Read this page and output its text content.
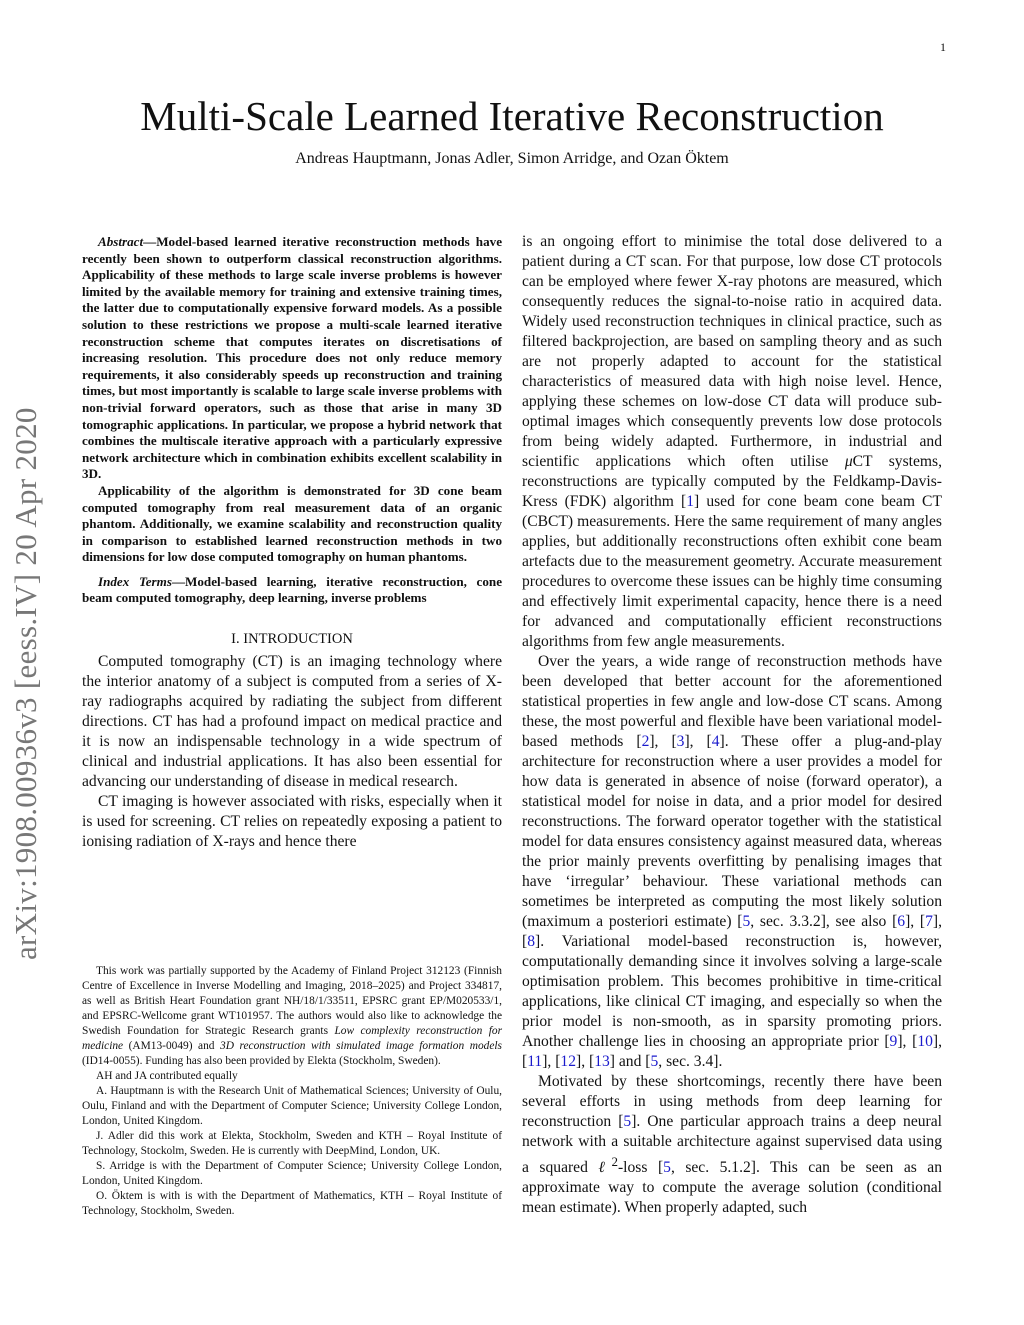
1
arXiv:1908.00936v3 [eess.IV] 20 Apr 2020
Multi-Scale Learned Iterative Reconstruction
Andreas Hauptmann, Jonas Adler, Simon Arridge, and Ozan Öktem

Abstract—Model-based learned iterative reconstruction methods have recently been shown to outperform classical reconstruction algorithms. Applicability of these methods to large scale inverse problems is however limited by the available memory for training and extensive training times, the latter due to computationally expensive forward models. As a possible solution to these restrictions we propose a multi-scale learned iterative reconstruction scheme that computes iterates on discretisations of increasing resolution. This procedure does not only reduce memory requirements, it also considerably speeds up reconstruction and training times, but most importantly is scalable to large scale inverse problems with non-trivial forward operators, such as those that arise in many 3D tomographic applications. In particular, we propose a hybrid network that combines the multiscale iterative approach with a particularly expressive network architecture which in combination exhibits excellent scalability in 3D.

Applicability of the algorithm is demonstrated for 3D cone beam computed tomography from real measurement data of an organic phantom. Additionally, we examine scalability and reconstruction quality in comparison to established learned reconstruction methods in two dimensions for low dose computed tomography on human phantoms.

Index Terms—Model-based learning, iterative reconstruction, cone beam computed tomography, deep learning, inverse problems
I. INTRODUCTION

Computed tomography (CT) is an imaging technology where the interior anatomy of a subject is computed from a series of X-ray radiographs acquired by radiating the subject from different directions. CT has had a profound impact on medical practice and it is now an indispensable technology in a wide spectrum of clinical and industrial applications. It has also been essential for advancing our understanding of disease in medical research.

CT imaging is however associated with risks, especially when it is used for screening. CT relies on repeatedly exposing a patient to ionising radiation of X-rays and hence there

This work was partially supported by the Academy of Finland Project 312123 (Finnish Centre of Excellence in Inverse Modelling and Imaging, 2018–2025) and Project 334817, as well as British Heart Foundation grant NH/18/1/33511, EPSRC grant EP/M020533/1, and EPSRC-Wellcome grant WT101957. The authors would also like to acknowledge the Swedish Foundation for Strategic Research grants Low complexity reconstruction for medicine (AM13-0049) and 3D reconstruction with simulated image formation models (ID14-0055). Funding has also been provided by Elekta (Stockholm, Sweden).

AH and JA contributed equally

A. Hauptmann is with the Research Unit of Mathematical Sciences; University of Oulu, Oulu, Finland and with the Department of Computer Science; University College London, London, United Kingdom.

J. Adler did this work at Elekta, Stockholm, Sweden and KTH – Royal Institute of Technology, Stockolm, Sweden. He is currently with DeepMind, London, UK.

S. Arridge is with the Department of Computer Science; University College London, London, United Kingdom.

O. Öktem is with is with the Department of Mathematics, KTH – Royal Institute of Technology, Stockholm, Sweden.

is an ongoing effort to minimise the total dose delivered to a patient during a CT scan. For that purpose, low dose CT protocols can be employed where fewer X-ray photons are measured, which consequently reduces the signal-to-noise ratio in acquired data. Widely used reconstruction techniques in clinical practice, such as filtered backprojection, are based on sampling theory and as such are not properly adapted to account for the statistical characteristics of measured data with high noise level. Hence, applying these schemes on low-dose CT data will produce sub-optimal images which consequently prevents low dose protocols from being widely adapted. Furthermore, in industrial and scientific applications which often utilise μCT systems, reconstructions are typically computed by the Feldkamp-Davis-Kress (FDK) algorithm [1] used for cone beam cone beam CT (CBCT) measurements. Here the same requirement of many angles applies, but additionally reconstructions often exhibit cone beam artefacts due to the measurement geometry. Accurate measurement procedures to overcome these issues can be highly time consuming and effectively limit experimental capacity, hence there is a need for advanced and computationally efficient reconstructions algorithms from few angle measurements.

Over the years, a wide range of reconstruction methods have been developed that better account for the aforementioned statistical properties in few angle and low-dose CT scans. Among these, the most powerful and flexible have been variational model-based methods [2], [3], [4]. These offer a plug-and-play architecture for reconstruction where a user provides a model for how data is generated in absence of noise (forward operator), a statistical model for noise in data, and a prior model for desired reconstructions. The forward operator together with the statistical model for data ensures consistency against measured data, whereas the prior mainly prevents overfitting by penalising images that have ‘irregular’ behaviour. These variational methods can sometimes be interpreted as computing the most likely solution (maximum a posteriori estimate) [5, sec. 3.3.2], see also [6], [7], [8]. Variational model-based reconstruction is, however, computationally demanding since it involves solving a large-scale optimisation problem. This becomes prohibitive in time-critical applications, like clinical CT imaging, and especially so when the prior model is non-smooth, as in sparsity promoting priors. Another challenge lies in choosing an appropriate prior [9], [10], [11], [12], [13] and [5, sec. 3.4].

Motivated by these shortcomings, recently there have been several efforts in using methods from deep learning for reconstruction [5]. One particular approach trains a deep neural network with a suitable architecture against supervised data using a squared ℓ$^2$-loss [5, sec. 5.1.2]. This can be seen as an approximate way to compute the average solution (conditional mean estimate). When properly adapted, such
